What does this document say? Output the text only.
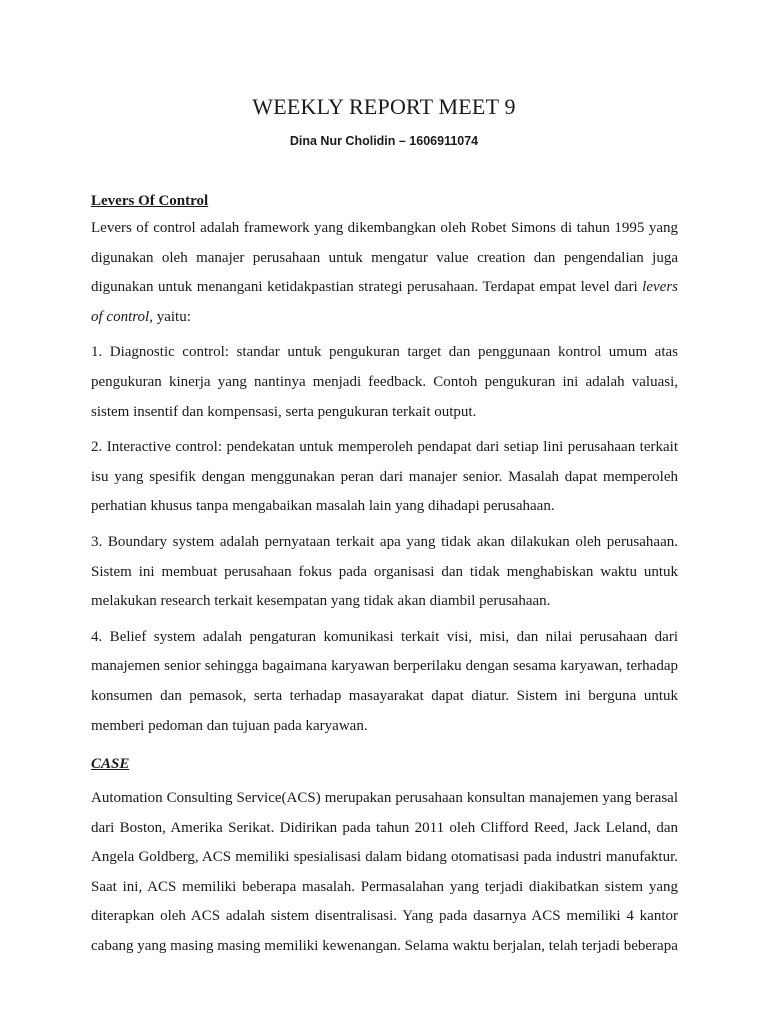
WEEKLY REPORT MEET 9
Dina Nur Cholidin – 1606911074
Levers Of Control

Levers of control adalah framework yang dikembangkan oleh Robet Simons di tahun 1995 yang digunakan oleh manajer perusahaan untuk mengatur value creation dan pengendalian juga digunakan untuk menangani ketidakpastian strategi perusahaan. Terdapat empat level dari levers of control, yaitu:

1. Diagnostic control: standar untuk pengukuran target dan penggunaan kontrol umum atas pengukuran kinerja yang nantinya menjadi feedback. Contoh pengukuran ini adalah valuasi, sistem insentif dan kompensasi, serta pengukuran terkait output.

2. Interactive control: pendekatan untuk memperoleh pendapat dari setiap lini perusahaan terkait isu yang spesifik dengan menggunakan peran dari manajer senior. Masalah dapat memperoleh perhatian khusus tanpa mengabaikan masalah lain yang dihadapi perusahaan.

3. Boundary system adalah pernyataan terkait apa yang tidak akan dilakukan oleh perusahaan. Sistem ini membuat perusahaan fokus pada organisasi dan tidak menghabiskan waktu untuk melakukan research terkait kesempatan yang tidak akan diambil perusahaan.

4. Belief system adalah pengaturan komunikasi terkait visi, misi, dan nilai perusahaan dari manajemen senior sehingga bagaimana karyawan berperilaku dengan sesama karyawan, terhadap konsumen dan pemasok, serta terhadap masayarakat dapat diatur. Sistem ini berguna untuk memberi pedoman dan tujuan pada karyawan.

CASE

Automation Consulting Service(ACS) merupakan perusahaan konsultan manajemen yang berasal dari Boston, Amerika Serikat. Didirikan pada tahun 2011 oleh Clifford Reed, Jack Leland, dan Angela Goldberg, ACS memiliki spesialisasi dalam bidang otomatisasi pada industri manufaktur. Saat ini, ACS memiliki beberapa masalah. Permasalahan yang terjadi diakibatkan sistem yang diterapkan oleh ACS adalah sistem disentralisasi. Yang pada dasarnya ACS memiliki 4 kantor cabang yang masing masing memiliki kewenangan. Selama waktu berjalan, telah terjadi beberapa
